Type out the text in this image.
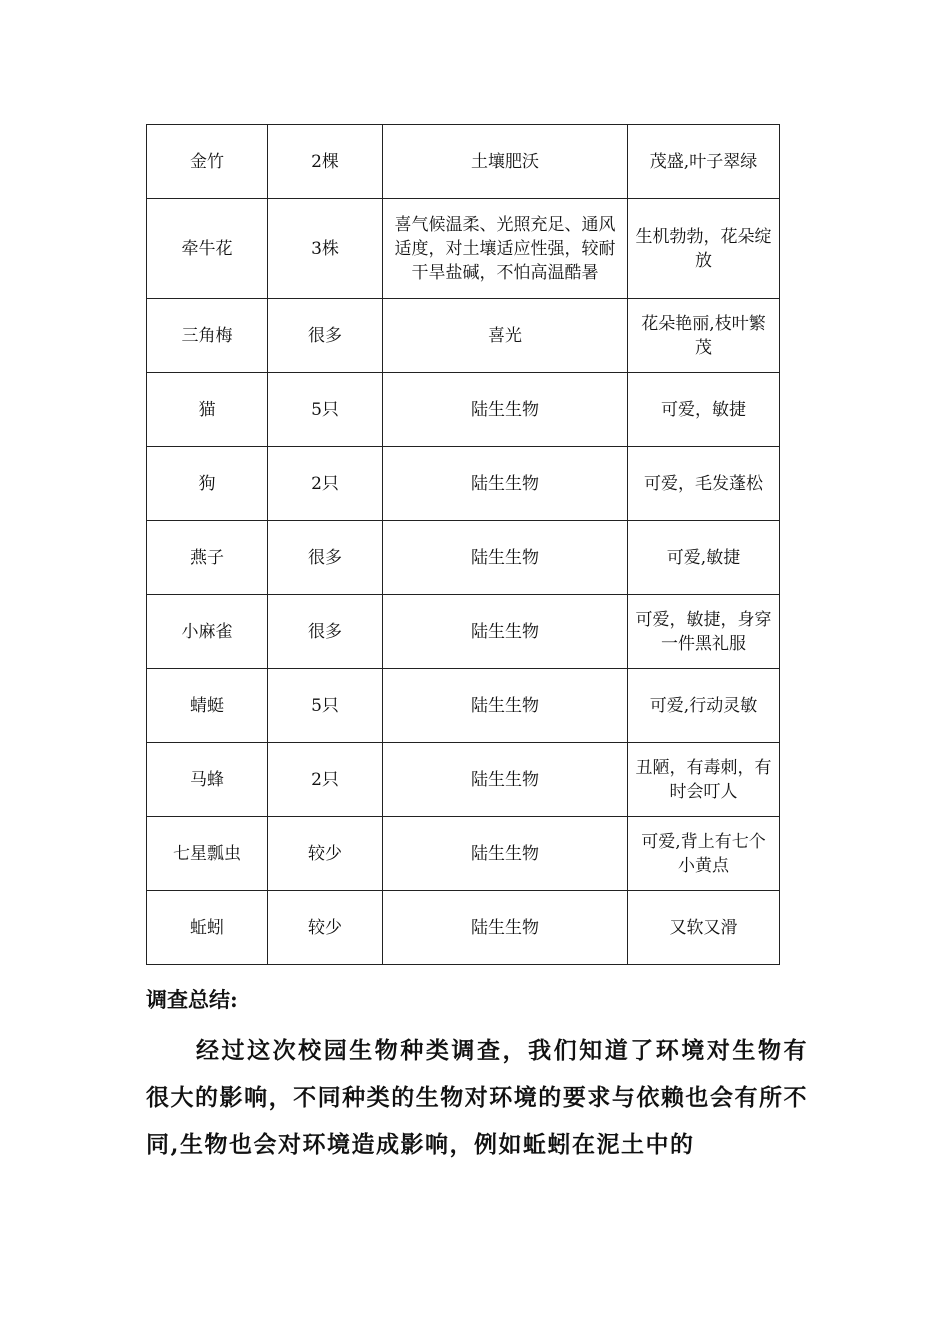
金竹	2棵	土壤肥沃	茂盛,叶子翠绿
牵牛花	3株	喜气候温柔、光照充足、通风适度，对土壤适应性强，较耐干旱盐碱，不怕高温酷暑	生机勃勃，花朵绽放
三角梅	很多	喜光	花朵艳丽,枝叶繁茂
猫	5只	陆生生物	可爱，敏捷
狗	2只	陆生生物	可爱，毛发蓬松
燕子	很多	陆生生物	可爱,敏捷
小麻雀	很多	陆生生物	可爱，敏捷，身穿一件黑礼服
蜻蜓	5只	陆生生物	可爱,行动灵敏
马蜂	2只	陆生生物	丑陋，有毒刺，有时会叮人
七星瓢虫	较少	陆生生物	可爱,背上有七个小黄点
蚯蚓	较少	陆生生物	又软又滑
调查总结:

经过这次校园生物种类调查，我们知道了环境对生物有很大的影响，不同种类的生物对环境的要求与依赖也会有所不同,生物也会对环境造成影响，例如蚯蚓在泥土中的
